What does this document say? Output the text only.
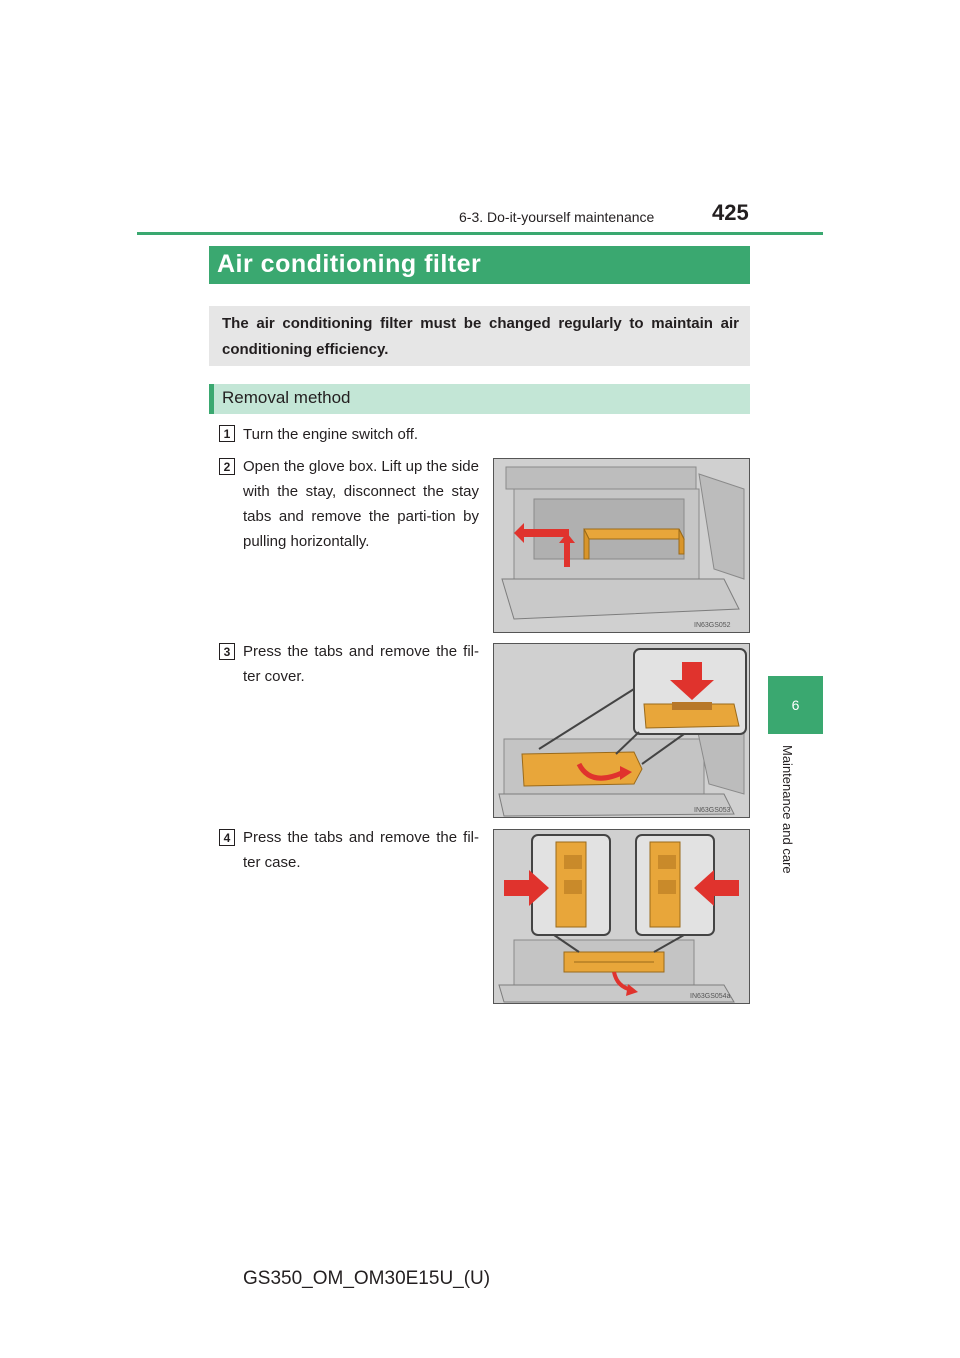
6-3. Do-it-yourself maintenance	425
6
Maintenance and care
Air conditioning filter
The air conditioning filter must be changed regularly to maintain air conditioning efficiency.
Removal method
1 Turn the engine switch off.
2 Open the glove box. Lift up the side with the stay, disconnect the stay tabs and remove the parti-tion by pulling horizontally.
IN63GS052
3 Press the tabs and remove the fil-ter cover.
IN63GS053
4 Press the tabs and remove the fil-ter case.
IN63GS054a
GS350_OM_OM30E15U_(U)
